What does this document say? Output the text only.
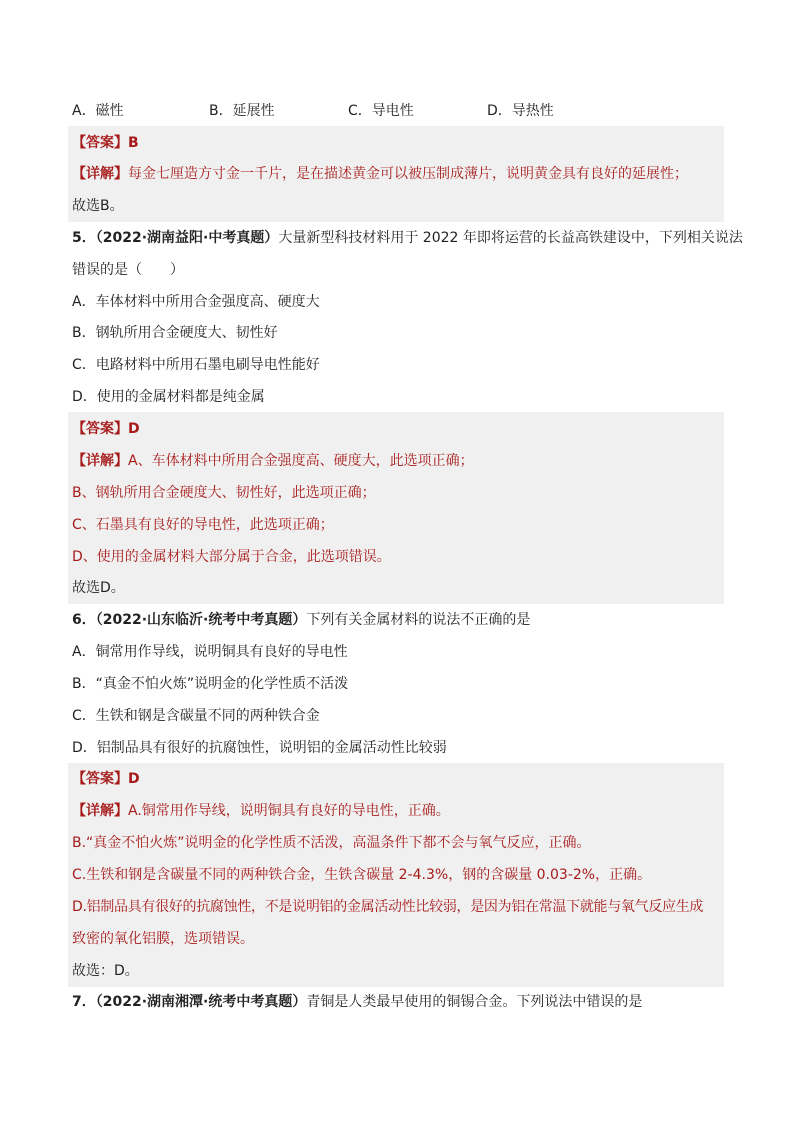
A．磁性	B．延展性	C．导电性	D．导热性
【答案】B
【详解】每金七厘造方寸金一千片，是在描述黄金可以被压制成薄片，说明黄金具有良好的延展性；
故选B。
5．（2022·湖南益阳·中考真题）大量新型科技材料用于 2022 年即将运营的长益高铁建设中，下列相关说法
错误的是（　　）
A．车体材料中所用合金强度高、硬度大
B．钢轨所用合金硬度大、韧性好
C．电路材料中所用石墨电刷导电性能好
D．使用的金属材料都是纯金属
【答案】D
【详解】A、车体材料中所用合金强度高、硬度大，此选项正确；
B、钢轨所用合金硬度大、韧性好，此选项正确；
C、石墨具有良好的导电性，此选项正确；
D、使用的金属材料大部分属于合金，此选项错误。
故选D。
6．（2022·山东临沂·统考中考真题）下列有关金属材料的说法不正确的是
A．铜常用作导线，说明铜具有良好的导电性
B．“真金不怕火炼”说明金的化学性质不活泼
C．生铁和钢是含碳量不同的两种铁合金
D．铝制品具有很好的抗腐蚀性，说明铝的金属活动性比较弱
【答案】D
【详解】A.铜常用作导线，说明铜具有良好的导电性，正确。
B.“真金不怕火炼”说明金的化学性质不活泼，高温条件下都不会与氧气反应，正确。
C.生铁和钢是含碳量不同的两种铁合金，生铁含碳量 2-4.3%，钢的含碳量 0.03-2%，正确。
D.铝制品具有很好的抗腐蚀性，不是说明铝的金属活动性比较弱，是因为铝在常温下就能与氧气反应生成
致密的氧化铝膜，选项错误。
故选：D。
7．（2022·湖南湘潭·统考中考真题）青铜是人类最早使用的铜锡合金。下列说法中错误的是
